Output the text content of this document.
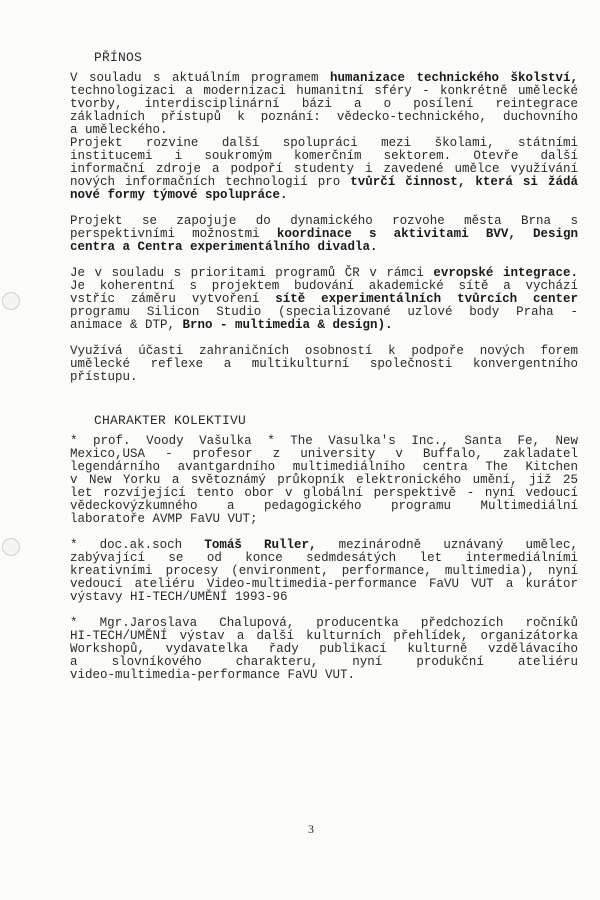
PŘÍNOS
V souladu s aktuálním programem humanizace technického školství,
technologizaci a modernizaci humanitní sféry - konkrétně umělecké
tvorby, interdisciplinární bázi a o posílení reintegrace
základních přístupů k poznání: vědecko-technického, duchovního
a uměleckého.
Projekt rozvine další spolupráci mezi školami, státními
institucemi i soukromým komerčním sektorem. Otevře další
informační zdroje a podpoří studenty i zavedené umělce využívání
nových informačních technologií pro tvůrčí činnost, která si žádá
nové formy týmové spolupráce.
Projekt se zapojuje do dynamického rozvohe města Brna s
perspektivními možnostmi koordinace s aktivitami BVV, Design
centra a Centra experimentálního divadla.
Je v souladu s prioritami programů ČR v rámci evropské integrace.
Je koherentní s projektem budování akademické sítě a vychází
vstříc záměru vytvoření sítě experimentálních tvůrcích center
programu Silicon Studio (specializované uzlové body Praha -
animace & DTP, Brno - multimedia & design).
Využívá účasti zahraničních osobností k podpoře nových forem
umělecké reflexe a multikulturní společnosti konvergentního
přístupu.
CHARAKTER KOLEKTIVU
* prof. Voody Vašulka * The Vasulka's Inc., Santa Fe, New
Mexico,USA - profesor z university v Buffalo, zakladatel
legendárního avantgardního multimediálního centra The Kitchen
v New Yorku a světoznámý průkopník elektronického umění, již 25
let rozvíjející tento obor v globální perspektivě - nyní vedoucí
vědeckovýzkumného a pedagogického programu Multimediální
laboratoře AVMP FaVU VUT;
* doc.ak.soch Tomáš Ruller, mezinárodně uznávaný umělec,
zabývající se od konce sedmdesátých let intermediálními
kreativními procesy (environment, performance, multimedia), nyní
vedoucí ateliéru Video-multimedia-performance FaVU VUT a kurátor
výstavy HI-TECH/UMĚNÍ 1993-96
* Mgr.Jaroslava Chalupová, producentka předchozích ročníků
HI-TECH/UMĚNÍ výstav a další kulturních přehlídek, organizátorka
Workshopů, vydavatelka řady publikací kulturně vzdělávacího
a slovníkového charakteru, nyní produkční ateliéru
video-multimedia-performance FaVU VUT.
3
